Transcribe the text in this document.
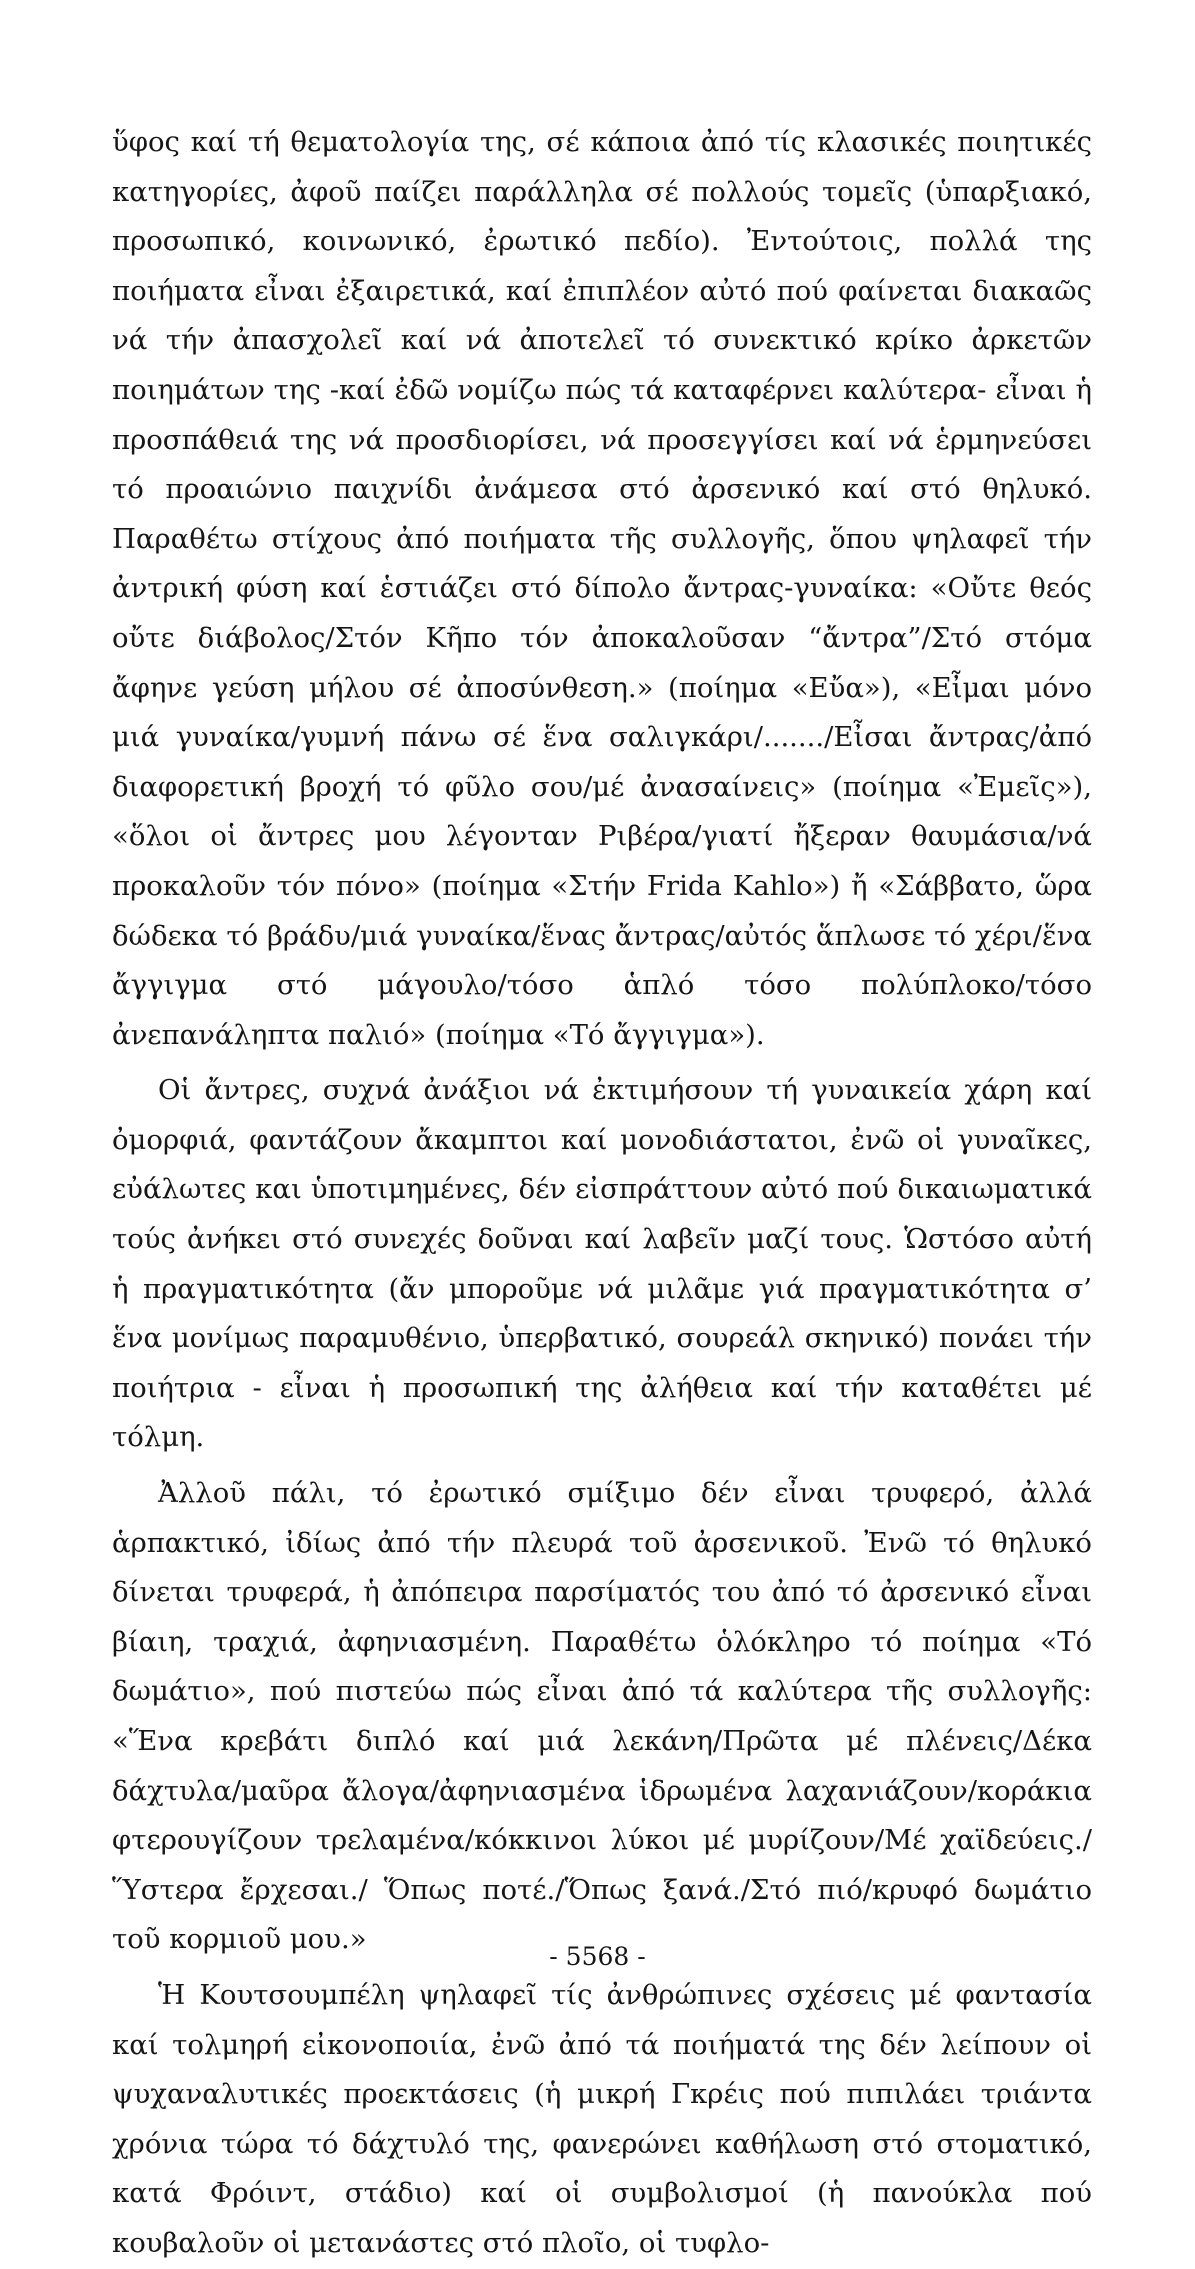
ὕφος καί τή θεματολογία της, σέ κάποια ἀπό τίς κλασικές ποιητικές κατηγορίες, ἀφοῦ παίζει παράλληλα σέ πολλούς τομεῖς (ὑπαρξιακό, προσωπικό, κοινωνικό, ἐρωτικό πεδίο). Ἐντούτοις, πολλά της ποιήματα εἶναι ἐξαιρετικά, καί ἐπιπλέον αὐτό πού φαίνεται διακαῶς νά τήν ἀπασχολεῖ καί νά ἀποτελεῖ τό συνεκτικό κρίκο ἀρκετῶν ποιημάτων της -καί ἐδῶ νομίζω πώς τά καταφέρνει καλύτερα- εἶναι ἡ προσπάθειά της νά προσδιορίσει, νά προσεγγίσει καί νά ἑρμηνεύσει τό προαιώνιο παιχνίδι ἀνάμεσα στό ἀρσενικό καί στό θηλυκό. Παραθέτω στίχους ἀπό ποιήματα τῆς συλλογῆς, ὅπου ψηλαφεῖ τήν ἀντρική φύση καί ἑστιάζει στό δίπολο ἄντρας-γυναίκα: «Οὔτε θεός οὔτε διάβολος/Στόν Κῆπο τόν ἀποκαλοῦσαν “ἄντρα”/Στό στόμα ἄφηνε γεύση μήλου σέ ἀποσύνθεση.» (ποίημα «Εὔα»), «Εἶμαι μόνο μιά γυναίκα/γυμνή πάνω σέ ἕνα σαλιγκάρι/......./Εἶσαι ἄντρας/ἀπό διαφορετική βροχή τό φῦλο σου/μέ ἀνασαίνεις» (ποίημα «Ἐμεῖς»), «ὅλοι οἱ ἄντρες μου λέγονταν Ριβέρα/γιατί ἤξεραν θαυμάσια/νά προκαλοῦν τόν πόνο» (ποίημα «Στήν Frida Kahlo») ἤ «Σάββατο, ὥρα δώδεκα τό βράδυ/μιά γυναίκα/ἕνας ἄντρας/αὐτός ἅπλωσε τό χέρι/ἕνα ἄγγιγμα στό μάγουλο/τόσο ἁπλό τόσο πολύπλοκο/τόσο ἀνεπανάληπτα παλιό» (ποίημα «Τό ἄγγιγμα»).

Οἱ ἄντρες, συχνά ἀνάξιοι νά ἐκτιμήσουν τή γυναικεία χάρη καί ὀμορφιά, φαντάζουν ἄκαμπτοι καί μονοδιάστατοι, ἐνῶ οἱ γυναῖκες, εὐάλωτες και ὑποτιμημένες, δέν εἰσπράττουν αὐτό πού δικαιωματικά τούς ἀνήκει στό συνεχές δοῦναι καί λαβεῖν μαζί τους. Ὡστόσο αὐτή ἡ πραγματικότητα (ἄν μποροῦμε νά μιλᾶμε γιά πραγματικότητα σ’ ἕνα μονίμως παραμυθένιο, ὑπερβατικό, σουρεάλ σκηνικό) πονάει τήν ποιήτρια - εἶναι ἡ προσωπική της ἀλήθεια καί τήν καταθέτει μέ τόλμη.

Ἀλλοῦ πάλι, τό ἐρωτικό σμίξιμο δέν εἶναι τρυφερό, ἀλλά ἁρπακτικό, ἰδίως ἀπό τήν πλευρά τοῦ ἀρσενικοῦ. Ἐνῶ τό θηλυκό δίνεται τρυφερά, ἡ ἀπόπειρα παρσίματός του ἀπό τό ἀρσενικό εἶναι βίαιη, τραχιά, ἀφηνιασμένη. Παραθέτω ὁλόκληρο τό ποίημα «Τό δωμάτιο», πού πιστεύω πώς εἶναι ἀπό τά καλύτερα τῆς συλλογῆς: «Ἕνα κρεβάτι διπλό καί μιά λεκάνη/Πρῶτα μέ πλένεις/Δέκα δάχτυλα/μαῦρα ἄλογα/ἀφηνιασμένα ἱδρωμένα λαχανιάζουν/κοράκια φτερουγίζουν τρελαμένα/κόκκινοι λύκοι μέ μυρίζουν/Μέ χαϊδεύεις./Ὕστερα ἔρχεσαι./ Ὅπως ποτέ./Ὅπως ξανά./Στό πιό/κρυφό δωμάτιο τοῦ κορμιοῦ μου.»

Ἡ Κουτσουμπέλη ψηλαφεῖ τίς ἀνθρώπινες σχέσεις μέ φαντασία καί τολμηρή εἰκονοποιία, ἐνῶ ἀπό τά ποιήματά της δέν λείπουν οἱ ψυχαναλυτικές προεκτάσεις (ἡ μικρή Γκρέις πού πιπιλάει τριάντα χρόνια τώρα τό δάχτυλό της, φανερώνει καθήλωση στό στοματικό, κατά Φρόιντ, στάδιο) καί οἱ συμβολισμοί (ἡ πανούκλα πού κουβαλοῦν οἱ μετανάστες στό πλοῖο, οἱ τυφλο-

- 5568 -
